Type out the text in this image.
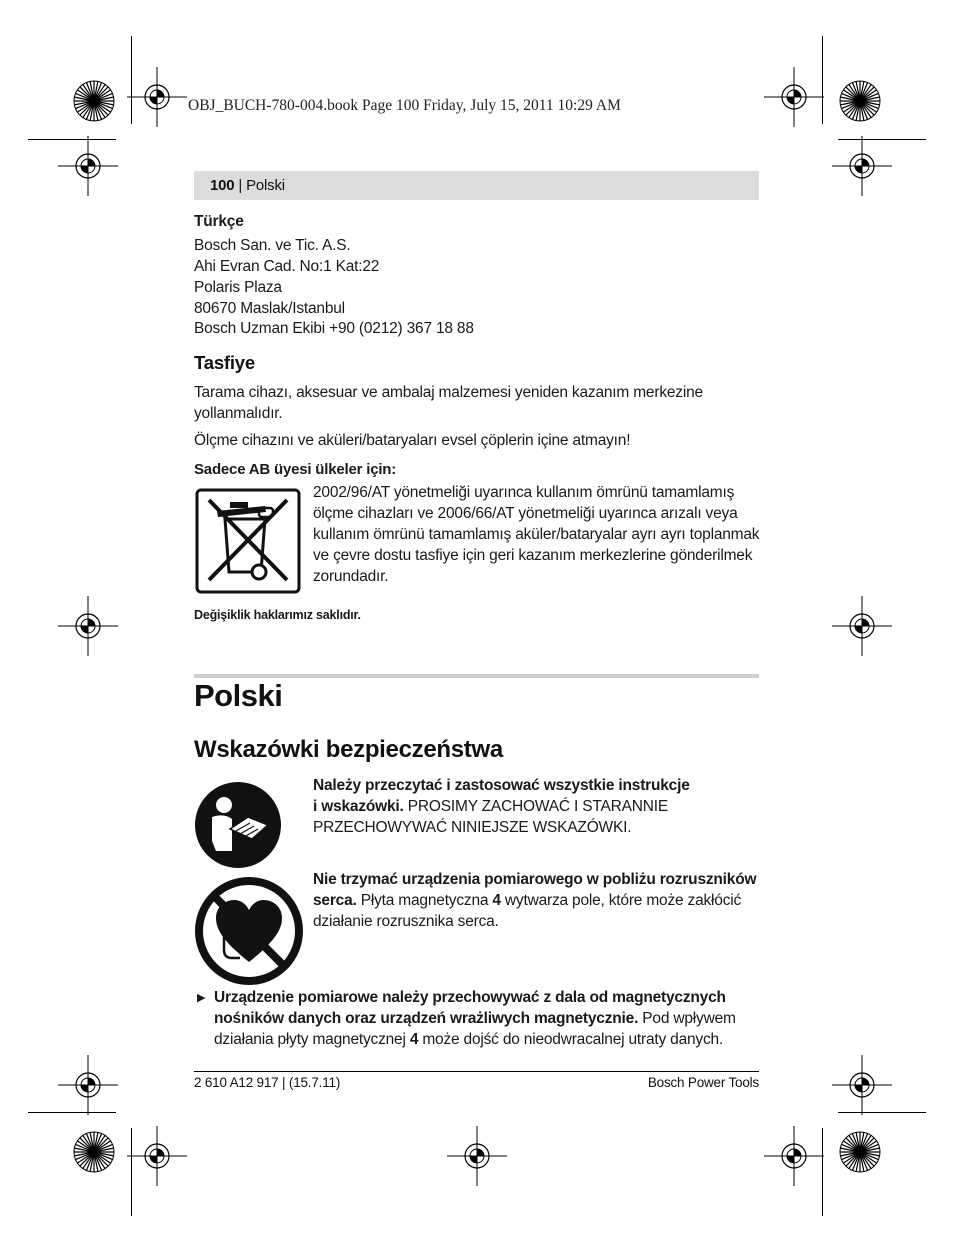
OBJ_BUCH-780-004.book Page 100 Friday, July 15, 2011 10:29 AM
100 | Polski
Türkçe
Bosch San. ve Tic. A.S.
Ahi Evran Cad. No:1 Kat:22
Polaris Plaza
80670 Maslak/Istanbul
Bosch Uzman Ekibi +90 (0212) 367 18 88
Tasfiye
Tarama cihazı, aksesuar ve ambalaj malzemesi yeniden kazanım merkezine
yollanmalıdır.
Ölçme cihazını ve aküleri/bataryaları evsel çöplerin içine atmayın!
Sadece AB üyesi ülkeler için:
2002/96/AT yönetmeliği uyarınca kullanım ömrünü tamamlamış
ölçme cihazları ve 2006/66/AT yönetmeliği uyarınca arızalı veya
kullanım ömrünü tamamlamış aküler/bataryalar ayrı ayrı toplanmak
ve çevre dostu tasfiye için geri kazanım merkezlerine gönderilmek
zorundadır.
Değişiklik haklarımız saklıdır.
Polski
Wskazówki bezpieczeństwa
Należy przeczytać i zastosować wszystkie instrukcje
i wskazówki. PROSIMY ZACHOWAĆ I STARANNIE
PRZECHOWYWAĆ NINIEJSZE WSKAZÓWKI.
Nie trzymać urządzenia pomiarowego w pobliżu rozruszników
serca. Płyta magnetyczna 4 wytwarza pole, które może zakłócić
działanie rozrusznika serca.
▶ Urządzenie pomiarowe należy przechowywać z dala od magnetycznych
nośników danych oraz urządzeń wrażliwych magnetycznie. Pod wpływem
działania płyty magnetycznej 4 może dojść do nieodwracalnej utraty danych.
2 610 A12 917 | (15.7.11)	Bosch Power Tools
